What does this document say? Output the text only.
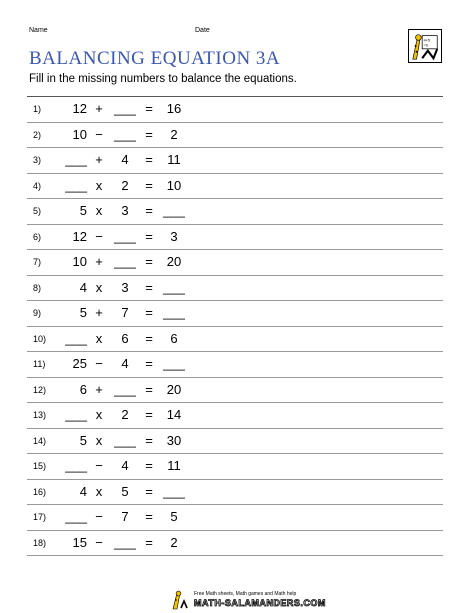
Name	Date
4+5
=9
BALANCING EQUATION 3A
Fill in the missing numbers to balance the equations.
1)	12 + ___ =	16
2)	10 − ___ =	2
3)	___ +	4	=	11
4)	___ x	2	=	10
5)	5 x	3	= ___
6)	12 − ___ =	3
7)	10 + ___ =	20
8)	4 x	3	= ___
9)	5 +	7	= ___
10)	___ x	6	=	6
11)	25 −	4	= ___
12)	6 + ___ =	20
13)	___ x	2	=	14
14)	5 x ___ =	30
15)	___ −	4	=	11
16)	4 x	5	= ___
17)	___ −	7	=	5
18)	15 − ___ =	2
Free Math sheets, Math games and Math help
MATH-SALAMANDERS.COM
